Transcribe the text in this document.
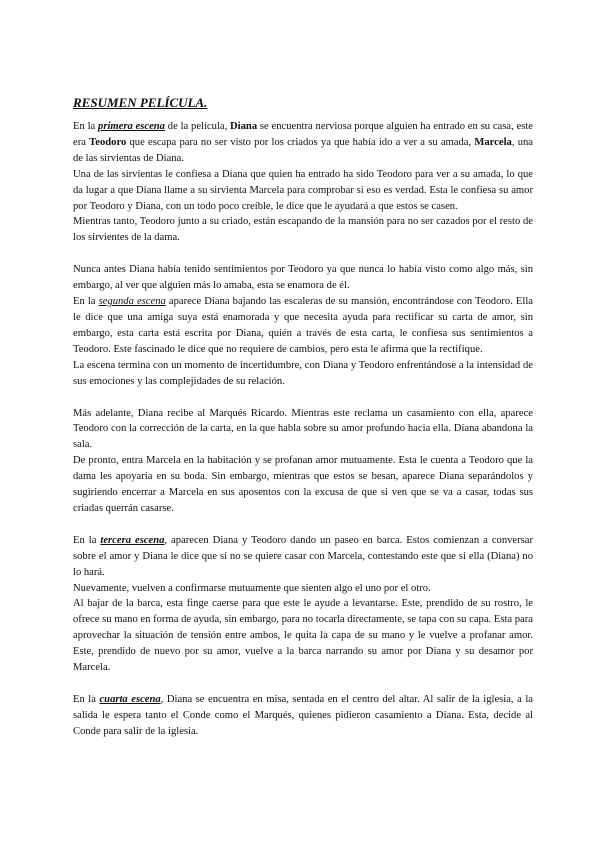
RESUMEN PELÍCULA.

En la primera escena de la película, Diana se encuentra nerviosa porque alguien ha entrado en su casa, este era Teodoro que escapa para no ser visto por los criados ya que había ido a ver a su amada, Marcela, una de las sirvientas de Diana.

Una de las sirvientas le confiesa a Diana que quien ha entrado ha sido Teodoro para ver a su amada, lo que da lugar a que Diana llame a su sirvienta Marcela para comprobar si eso es verdad. Esta le confiesa su amor por Teodoro y Diana, con un todo poco creíble, le dice que le ayudará a que estos se casen.

Mientras tanto, Teodoro junto a su criado, están escapando de la mansión para no ser cazados por el resto de los sirvientes de la dama.

Nunca antes Diana había tenido sentimientos por Teodoro ya que nunca lo había visto como algo más, sin embargo, al ver que alguien más lo amaba, esta se enamora de él.

En la segunda escena aparece Diana bajando las escaleras de su mansión, encontrándose con Teodoro. Ella le dice que una amiga suya está enamorada y que necesita ayuda para rectificar su carta de amor, sin embargo, esta carta está escrita por Diana, quién a través de esta carta, le confiesa sus sentimientos a Teodoro. Este fascinado le dice que no requiere de cambios, pero esta le afirma que la rectifique.

La escena termina con un momento de incertidumbre, con Diana y Teodoro enfrentándose a la intensidad de sus emociones y las complejidades de su relación.

Más adelante, Diana recibe al Marqués Ricardo. Mientras este reclama un casamiento con ella, aparece Teodoro con la corrección de la carta, en la que habla sobre su amor profundo hacia ella. Diana abandona la sala.

De pronto, entra Marcela en la habitación y se profanan amor mutuamente. Esta le cuenta a Teodoro que la dama les apoyaría en su boda. Sin embargo, mientras que estos se besan, aparece Diana separándolos y sugiriendo encerrar a Marcela en sus aposentos con la excusa de que si ven que se va a casar, todas sus criadas querrán casarse.

En la tercera escena, aparecen Diana y Teodoro dando un paseo en barca. Estos comienzan a conversar sobre el amor y Diana le dice que si no se quiere casar con Marcela, contestando este que si ella (Diana) no lo hará.

Nuevamente, vuelven a confirmarse mutuamente que sienten algo el uno por el otro.

Al bajar de la barca, esta finge caerse para que este le ayude a levantarse. Este, prendido de su rostro, le ofrece su mano en forma de ayuda, sin embargo, para no tocarla directamente, se tapa con su capa. Esta para aprovechar la situación de tensión entre ambos, le quita la capa de su mano y le vuelve a profanar amor. Este, prendido de nuevo por su amor, vuelve a la barca narrando su amor por Diana y su desamor por Marcela.

En la cuarta escena, Diana se encuentra en misa, sentada en el centro del altar. Al salir de la iglesia, a la salida le espera tanto el Conde como el Marqués, quienes pidieron casamiento a Diana. Esta, decide al Conde para salir de la iglesia.
